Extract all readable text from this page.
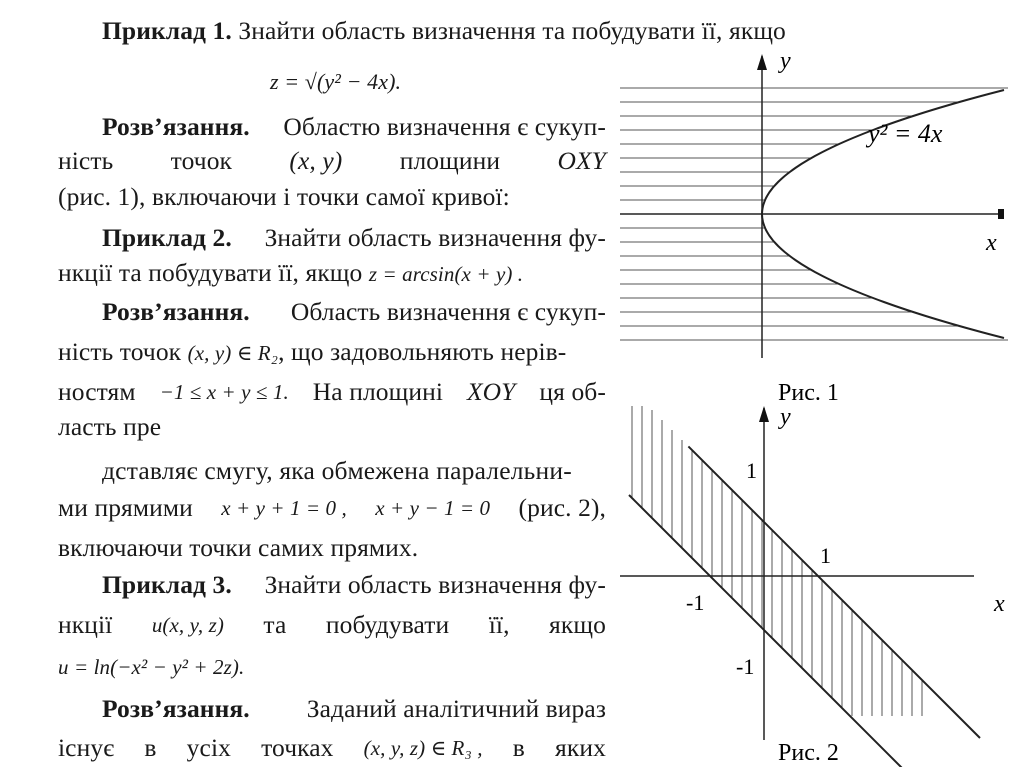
Приклад 1. Знайти область визначення та побудувати її, якщо
z = √(y² − 4x).
Розв’язання. Областю визначення є сукуп-
ність точок (x, y) площини OXY
(рис. 1), включаючи і точки самої кривої:
Приклад 2. Знайти область визначення фу-
нкції та побудувати її, якщо z = arcsin(x + y) .
Розв’язання. Область визначення є сукуп-
ність точок (x, y) ∈ R₂, що задовольняють нерів-
ностям −1 ≤ x + y ≤ 1. На площині XOY ця об-
ласть пре
дставляє смугу, яка обмежена паралельни-
ми прямими x + y + 1 = 0 , x + y − 1 = 0 (рис. 2),
включаючи точки самих прямих.
Приклад 3. Знайти область визначення фу-
нкції u(x, y, z) та побудувати її, якщо
u = ln(−x² − y² + 2z).
Розв’язання. Заданий аналітичний вираз
існує в усіх точках (x, y, z) ∈ R₃ , в яких
y
x
y² = 4x
Рис. 1
y
x
1
1
-1
-1
Рис. 2
